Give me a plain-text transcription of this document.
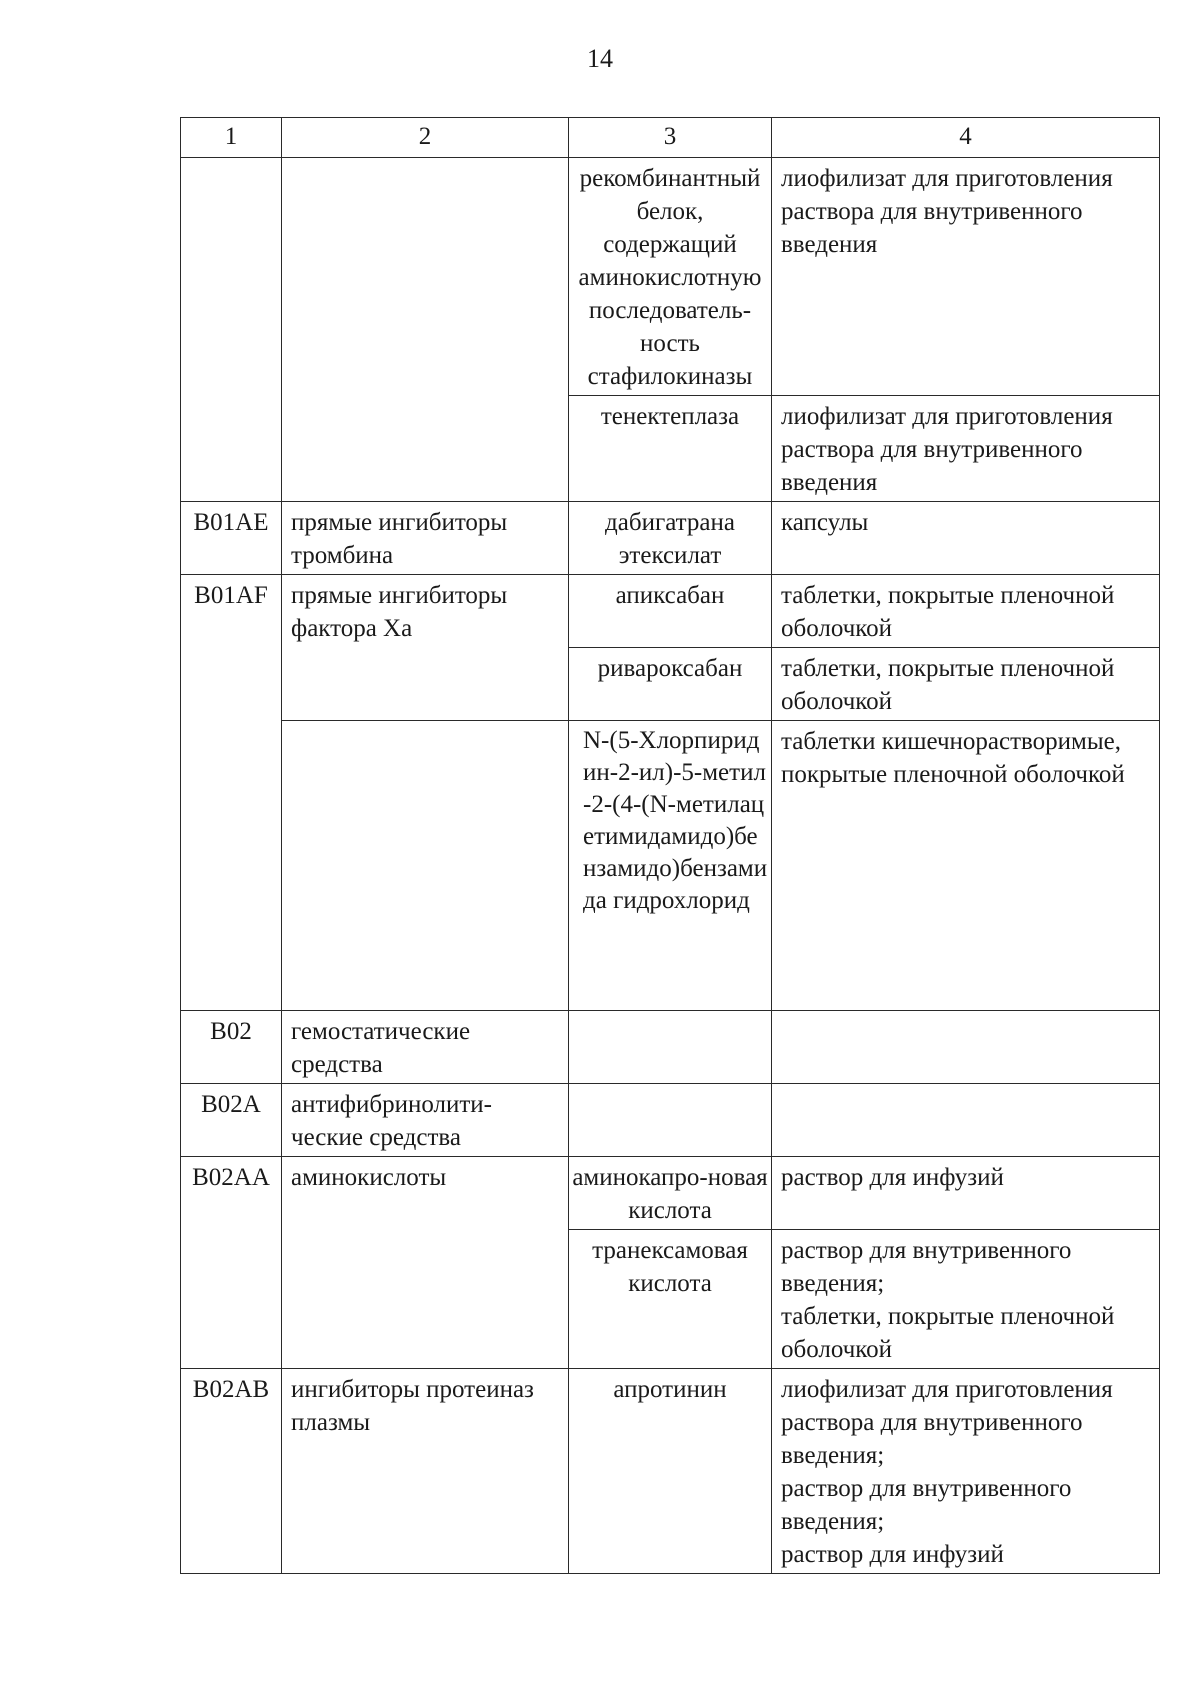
14
1	2	3	4
		рекомбинантный белок, содержащий аминокислотную последователь-ность стафилокиназы	лиофилизат для приготовления раствора для внутривенного введения
		тенектеплаза	лиофилизат для приготовления раствора для внутривенного введения
B01AE	прямые ингибиторы тромбина	дабигатрана этексилат	капсулы
B01AF	прямые ингибиторы фактора Xa	апиксабан	таблетки, покрытые пленочной оболочкой
		ривароксабан	таблетки, покрытые пленочной оболочкой
		N-(5-Хлорпиридин-2-ил)-5-метил-2-(4-(N-метилацетимидамидо)бензамидо)бензамида гидрохлорид	таблетки кишечнорастворимые, покрытые пленочной оболочкой
B02	гемостатические средства		
B02A	антифибринолити-ческие средства		
B02AA	аминокислоты	аминокапро-новая кислота	раствор для инфузий
		транексамовая кислота	раствор для внутривенного введения;
таблетки, покрытые пленочной оболочкой

B02AB	ингибиторы протеиназ плазмы	апротинин	лиофилизат для приготовления раствора для внутривенного введения;
раствор для внутривенного введения;
раствор для инфузий
